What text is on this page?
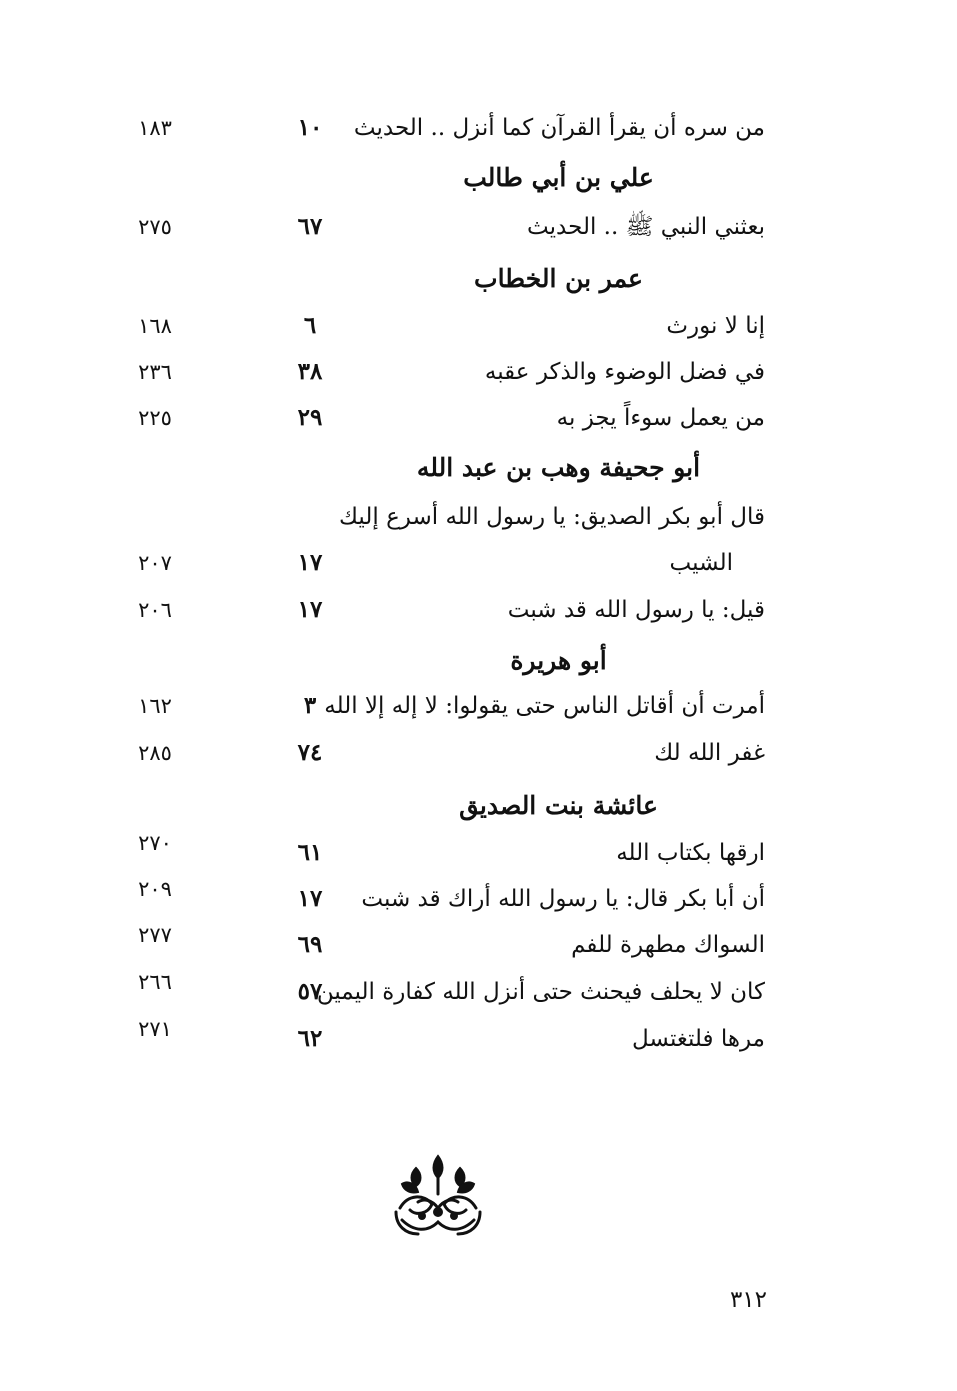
من سره أن يقرأ القرآن كما أنزل .. الحديث
١٠
١٨٣
علي بن أبي طالب
بعثني النبي ﷺ .. الحديث
٦٧
٢٧٥
عمر بن الخطاب
إنا لا نورث
٦
١٦٨
في فضل الوضوء والذكر عقبه
٣٨
٢٣٦
من يعمل سوءاً يجز به
٢٩
٢٢٥
أبو جحيفة وهب بن عبد الله
قال أبو بكر الصديق: يا رسول الله أسرع إليك
الشيب
١٧
٢٠٧
قيل: يا رسول الله قد شبت
١٧
٢٠٦
أبو هريرة
أمرت أن أقاتل الناس حتى يقولوا: لا إله إلا الله
٣
١٦٢
غفر الله لك
٧٤
٢٨٥
عائشة بنت الصديق
ارقها بكتاب الله
٦١
٢٧٠
أن أبا بكر قال: يا رسول الله أراك قد شبت
١٧
٢٠٩
السواك مطهرة للفم
٦٩
٢٧٧
كان لا يحلف فيحنث حتى أنزل الله كفارة اليمين
٥٧
٢٦٦
مرها فلتغتسل
٦٢
٢٧١
٣١٢
